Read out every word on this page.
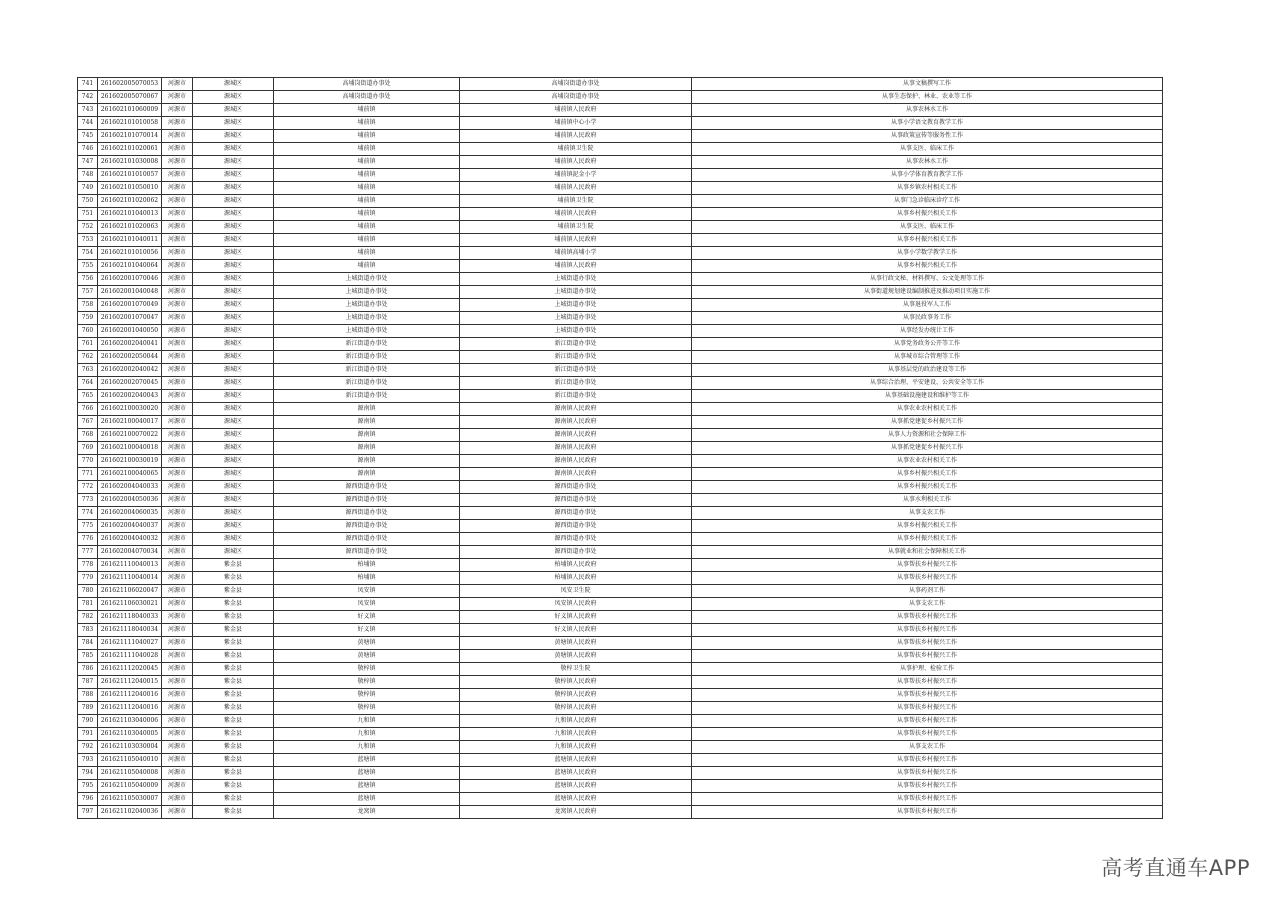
741	261602005070053	河源市	源城区	高埔岗街道办事处	高埔岗街道办事处	从事文稿撰写工作
742	261602005070067	河源市	源城区	高埔岗街道办事处	高埔岗街道办事处	从事生态保护、林业、农业等工作
743	261602101060009	河源市	源城区	埔前镇	埔前镇人民政府	从事农林水工作
744	261602101010058	河源市	源城区	埔前镇	埔前镇中心小学	从事小学语文教育教学工作
745	261602101070014	河源市	源城区	埔前镇	埔前镇人民政府	从事政策宣传等服务性工作
746	261602101020061	河源市	源城区	埔前镇	埔前镇卫生院	从事支医、临床工作
747	261602101030008	河源市	源城区	埔前镇	埔前镇人民政府	从事农林水工作
748	261602101010057	河源市	源城区	埔前镇	埔前镇泥金小学	从事小学体育教育教学工作
749	261602101050010	河源市	源城区	埔前镇	埔前镇人民政府	从事乡镇农村相关工作
750	261602101020062	河源市	源城区	埔前镇	埔前镇卫生院	从事门急诊临床诊疗工作
751	261602101040013	河源市	源城区	埔前镇	埔前镇人民政府	从事乡村振兴相关工作
752	261602101020063	河源市	源城区	埔前镇	埔前镇卫生院	从事支医、临床工作
753	261602101040011	河源市	源城区	埔前镇	埔前镇人民政府	从事乡村振兴相关工作
754	261602101010056	河源市	源城区	埔前镇	埔前镇高埔小学	从事小学数学教学工作
755	261602101040064	河源市	源城区	埔前镇	埔前镇人民政府	从事乡村振兴相关工作
756	261602001070046	河源市	源城区	上城街道办事处	上城街道办事处	从事行政文秘、材料撰写、公文处理等工作
757	261602001040048	河源市	源城区	上城街道办事处	上城街道办事处	从事街道规划建设编制推进及推动项目实施工作
758	261602001070049	河源市	源城区	上城街道办事处	上城街道办事处	从事退役军人工作
759	261602001070047	河源市	源城区	上城街道办事处	上城街道办事处	从事民政事务工作
760	261602001040050	河源市	源城区	上城街道办事处	上城街道办事处	从事经发办统计工作
761	261602002040041	河源市	源城区	新江街道办事处	新江街道办事处	从事党务政务公开等工作
762	261602002050044	河源市	源城区	新江街道办事处	新江街道办事处	从事城市综合管理等工作
763	261602002040042	河源市	源城区	新江街道办事处	新江街道办事处	从事基层党的政治建设等工作
764	261602002070045	河源市	源城区	新江街道办事处	新江街道办事处	从事综合治理、平安建设、公共安全等工作
765	261602002040043	河源市	源城区	新江街道办事处	新江街道办事处	从事基础设施建设和维护等工作
766	261602100030020	河源市	源城区	源南镇	源南镇人民政府	从事农业农村相关工作
767	261602100040017	河源市	源城区	源南镇	源南镇人民政府	从事抓党建促乡村振兴工作
768	261602100070022	河源市	源城区	源南镇	源南镇人民政府	从事人力资源和社会保障工作
769	261602100040018	河源市	源城区	源南镇	源南镇人民政府	从事抓党建促乡村振兴工作
770	261602100030019	河源市	源城区	源南镇	源南镇人民政府	从事农业农村相关工作
771	261602100040065	河源市	源城区	源南镇	源南镇人民政府	从事乡村振兴相关工作
772	261602004040033	河源市	源城区	源西街道办事处	源西街道办事处	从事乡村振兴相关工作
773	261602004050036	河源市	源城区	源西街道办事处	源西街道办事处	从事水利相关工作
774	261602004060035	河源市	源城区	源西街道办事处	源西街道办事处	从事支农工作
775	261602004040037	河源市	源城区	源西街道办事处	源西街道办事处	从事乡村振兴相关工作
776	261602004040032	河源市	源城区	源西街道办事处	源西街道办事处	从事乡村振兴相关工作
777	261602004070034	河源市	源城区	源西街道办事处	源西街道办事处	从事就业和社会保障相关工作
778	261621110040013	河源市	紫金县	柏埔镇	柏埔镇人民政府	从事帮扶乡村振兴工作
779	261621110040014	河源市	紫金县	柏埔镇	柏埔镇人民政府	从事帮扶乡村振兴工作
780	261621106020047	河源市	紫金县	凤安镇	凤安卫生院	从事药剂工作
781	261621106030021	河源市	紫金县	凤安镇	凤安镇人民政府	从事支农工作
782	261621118040033	河源市	紫金县	好义镇	好义镇人民政府	从事帮扶乡村振兴工作
783	261621118040034	河源市	紫金县	好义镇	好义镇人民政府	从事帮扶乡村振兴工作
784	261621111040027	河源市	紫金县	黄塘镇	黄塘镇人民政府	从事帮扶乡村振兴工作
785	261621111040028	河源市	紫金县	黄塘镇	黄塘镇人民政府	从事帮扶乡村振兴工作
786	261621112020045	河源市	紫金县	敬梓镇	敬梓卫生院	从事护理、检验工作
787	261621112040015	河源市	紫金县	敬梓镇	敬梓镇人民政府	从事帮扶乡村振兴工作
788	261621112040016	河源市	紫金县	敬梓镇	敬梓镇人民政府	从事帮扶乡村振兴工作
789	261621112040016	河源市	紫金县	敬梓镇	敬梓镇人民政府	从事帮扶乡村振兴工作
790	261621103040006	河源市	紫金县	九和镇	九和镇人民政府	从事帮扶乡村振兴工作
791	261621103040005	河源市	紫金县	九和镇	九和镇人民政府	从事帮扶乡村振兴工作
792	261621103030004	河源市	紫金县	九和镇	九和镇人民政府	从事支农工作
793	261621105040010	河源市	紫金县	蓝塘镇	蓝塘镇人民政府	从事帮扶乡村振兴工作
794	261621105040008	河源市	紫金县	蓝塘镇	蓝塘镇人民政府	从事帮扶乡村振兴工作
795	261621105040009	河源市	紫金县	蓝塘镇	蓝塘镇人民政府	从事帮扶乡村振兴工作
796	261621105030007	河源市	紫金县	蓝塘镇	蓝塘镇人民政府	从事帮扶乡村振兴工作
797	261621102040036	河源市	紫金县	龙窝镇	龙窝镇人民政府	从事帮扶乡村振兴工作
高考直通车APP
